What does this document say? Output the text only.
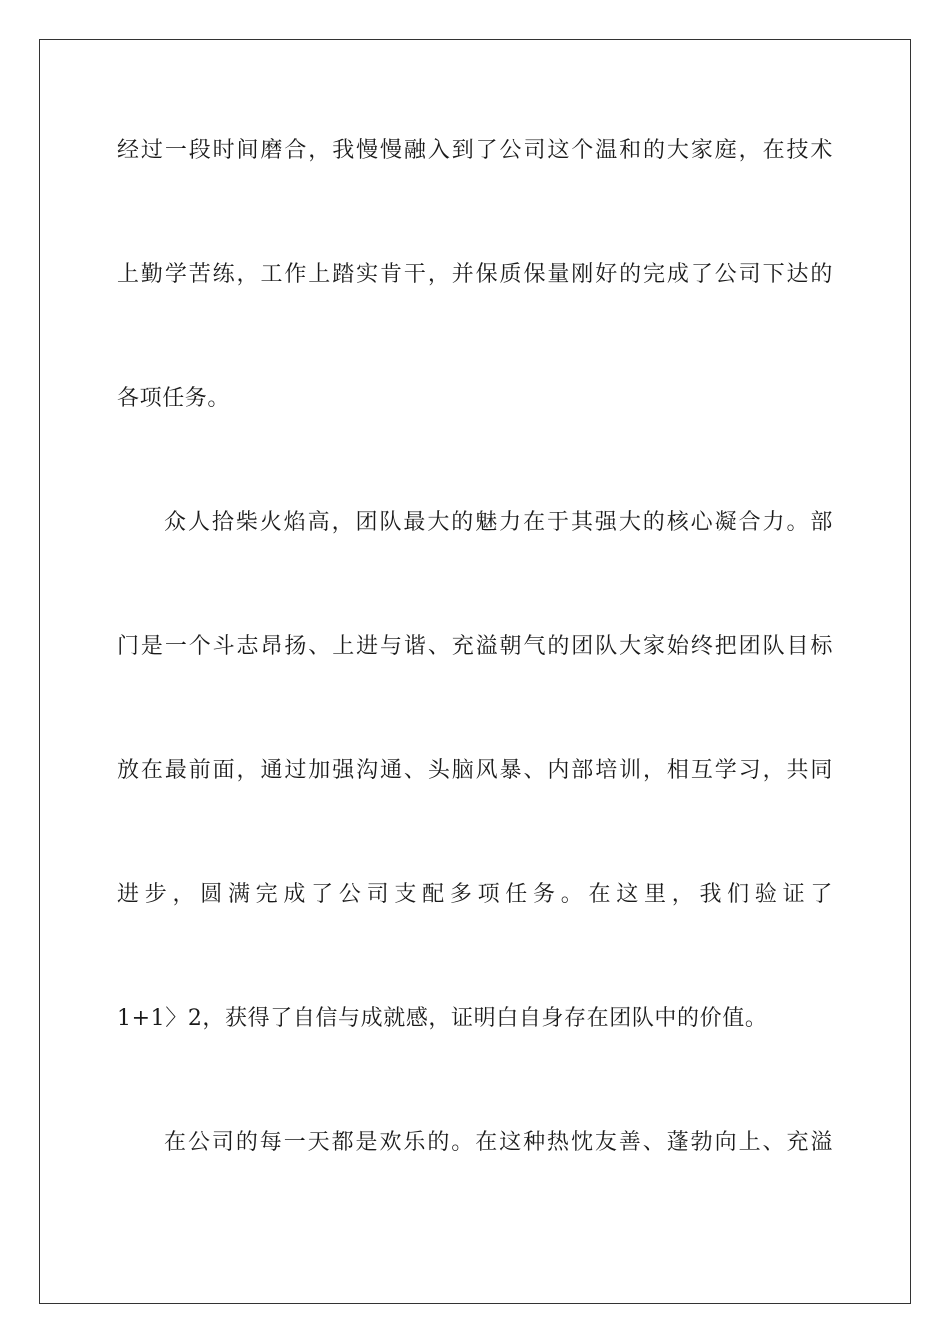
经过一段时间磨合，我慢慢融入到了公司这个温和的大家庭，在技术
上勤学苦练，工作上踏实肯干，并保质保量刚好的完成了公司下达的
各项任务。
众人拾柴火焰高，团队最大的魅力在于其强大的核心凝合力。部
门是一个斗志昂扬、上进与谐、充溢朝气的团队大家始终把团队目标
放在最前面，通过加强沟通、头脑风暴、内部培训，相互学习，共同
进步，圆满完成了公司支配多项任务。在这里，我们验证了
1+1〉2，获得了自信与成就感，证明白自身存在团队中的价值。
在公司的每一天都是欢乐的。在这种热忱友善、蓬勃向上、充溢
